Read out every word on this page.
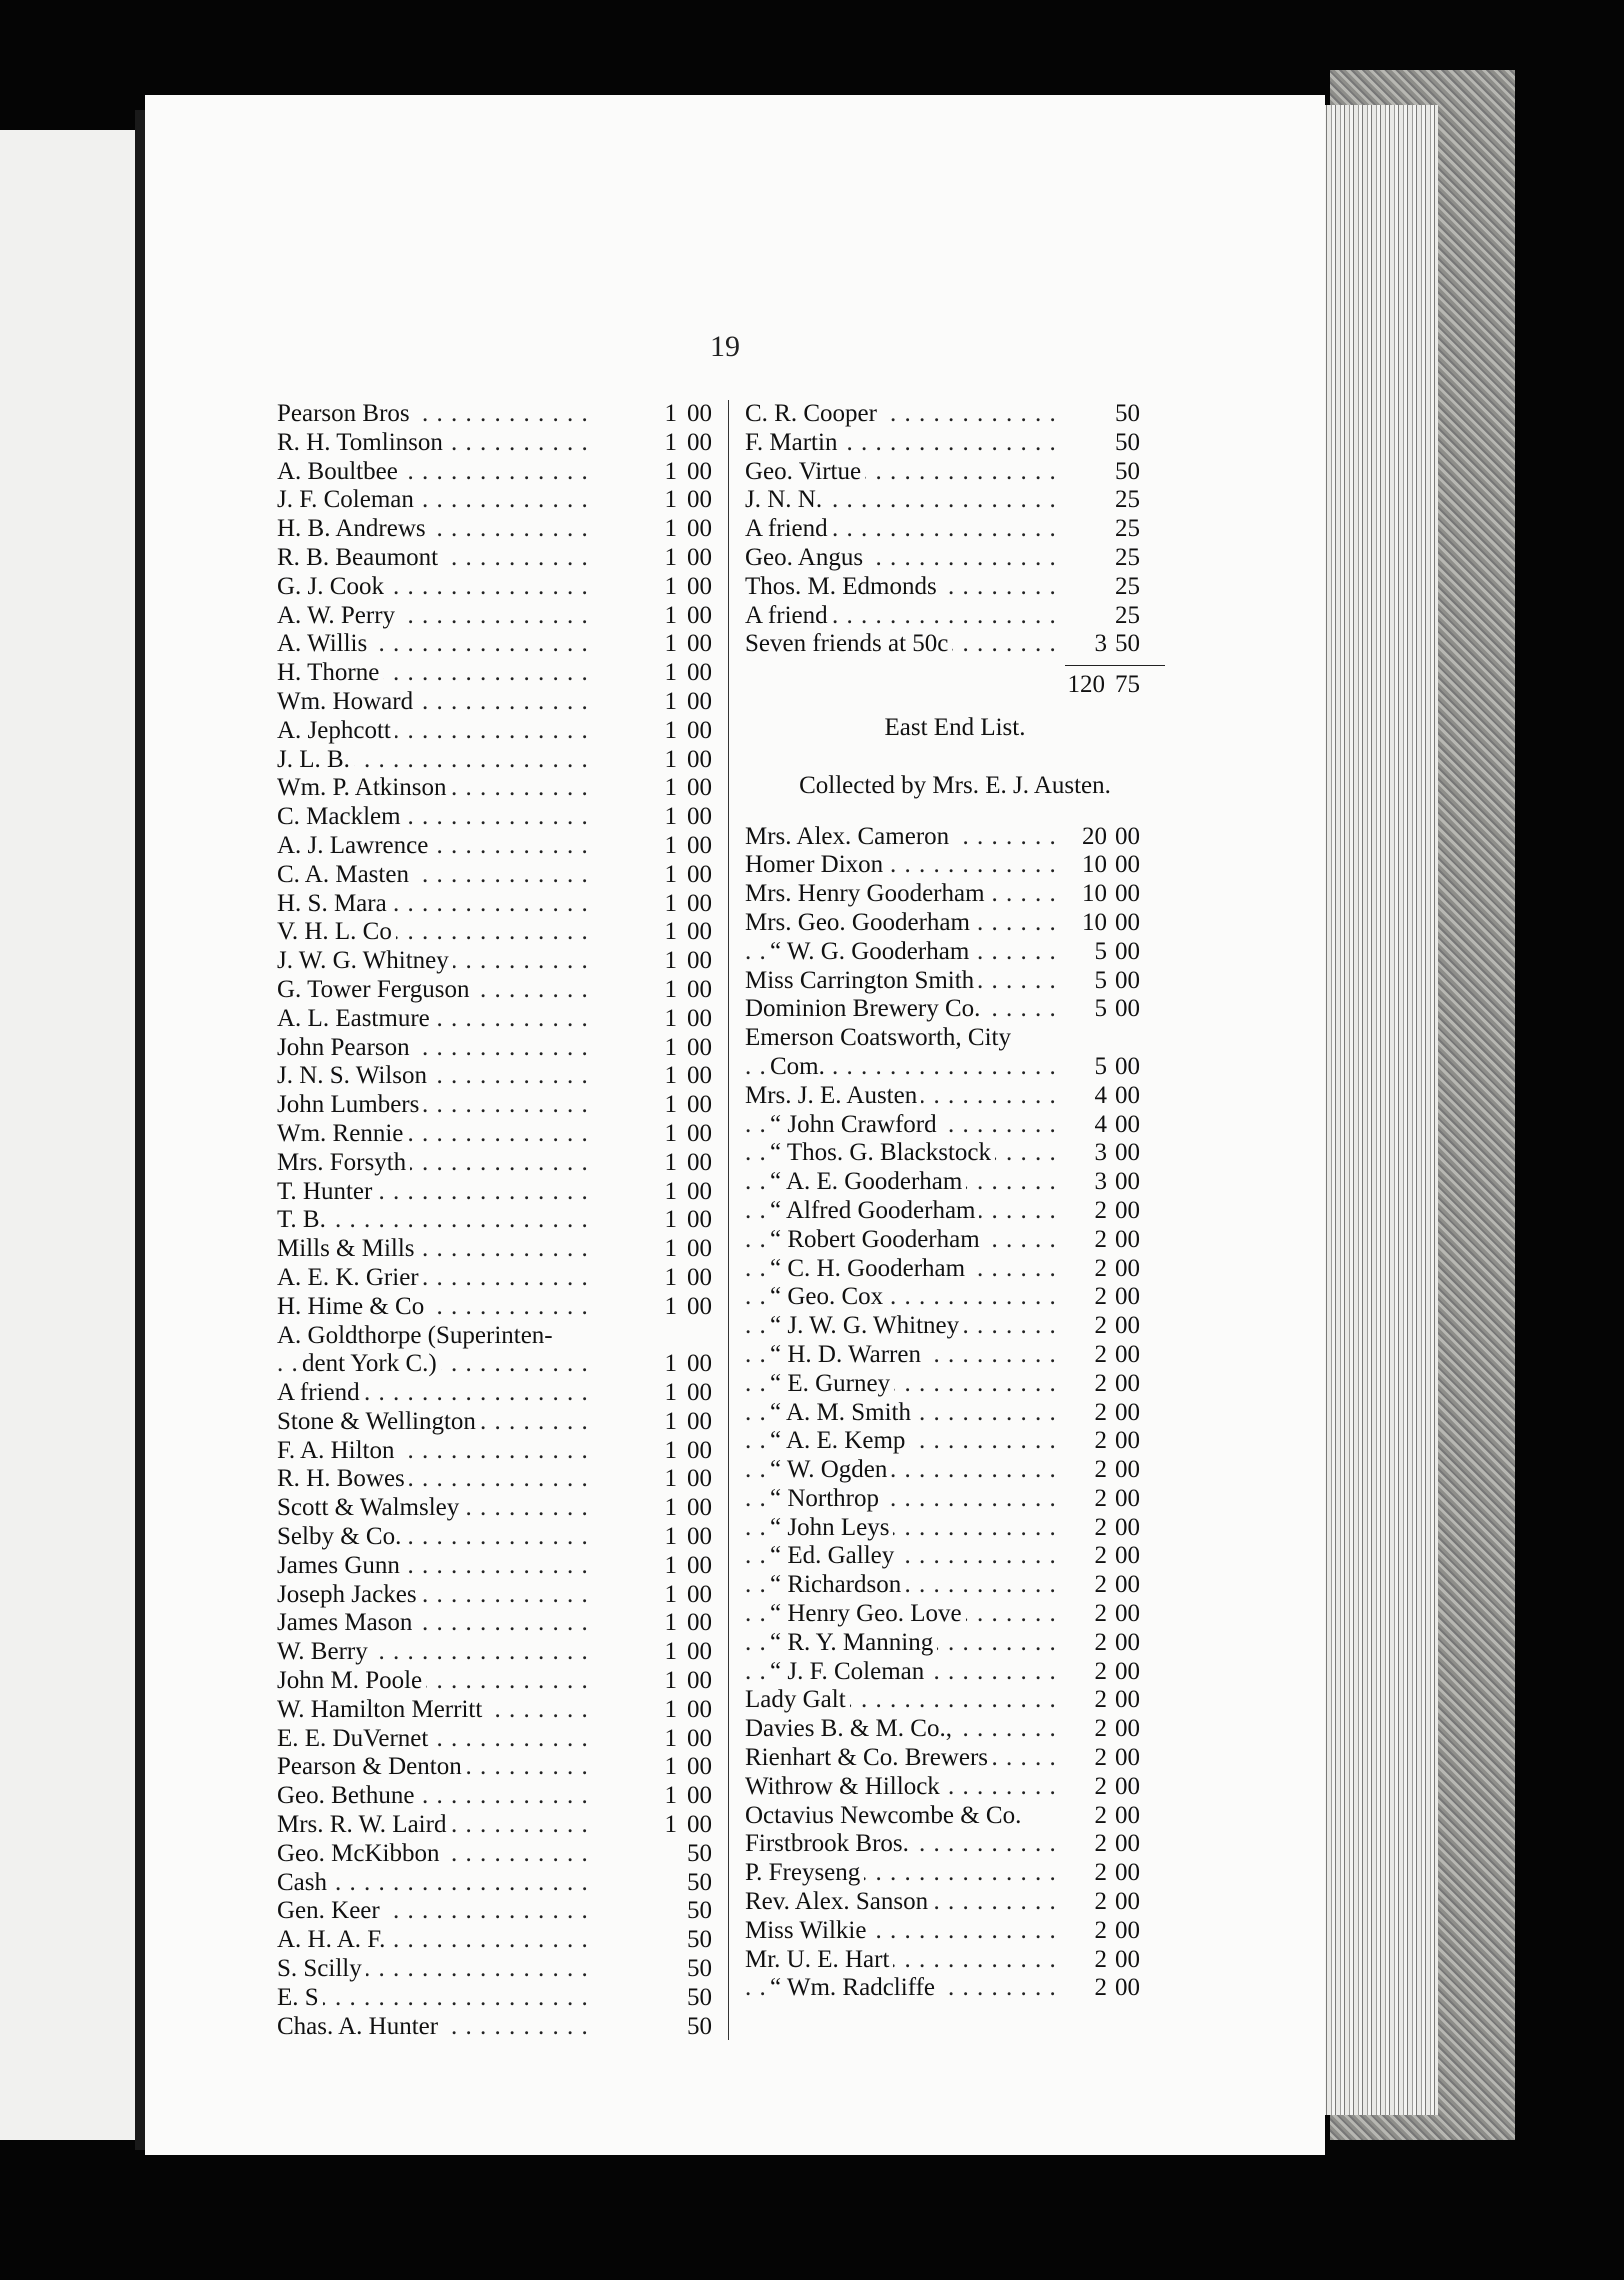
19
Pearson Bros . . .	1 00
R. H. Tomlinson . . .	1 00
A. Boultbee . . .	1 00
J. F. Coleman . . .	1 00
H. B. Andrews . . .	1 00
R. B. Beaumont . . .	1 00
G. J. Cook . . .	1 00
A. W. Perry . . .	1 00
A. Willis . . .	1 00
H. Thorne . . .	1 00
Wm. Howard . . .	1 00
A. Jephcott . . .	1 00
J. L. B. . . .	1 00
Wm. P. Atkinson . . .	1 00
C. Macklem . . .	1 00
A. J. Lawrence . . .	1 00
C. A. Masten . . .	1 00
H. S. Mara . . .	1 00
V. H. L. Co . . .	1 00
J. W. G. Whitney . . .	1 00
G. Tower Ferguson . . .	1 00
A. L. Eastmure . . .	1 00
John Pearson . . .	1 00
J. N. S. Wilson . . .	1 00
John Lumbers . . .	1 00
Wm. Rennie . . .	1 00
Mrs. Forsyth . . .	1 00
T. Hunter . . .	1 00
T. B. . . .	1 00
Mills & Mills . . .	1 00
A. E. K. Grier . . .	1 00
H. Hime & Co . . .	1 00
A. Goldthorpe (Superinten-
dent York C.) . . .	1 00
A friend . . .	1 00
Stone & Wellington . . .	1 00
F. A. Hilton . . .	1 00
R. H. Bowes . . .	1 00
Scott & Walmsley . . .	1 00
Selby & Co. . . .	1 00
James Gunn . . .	1 00
Joseph Jackes . . .	1 00
James Mason . . .	1 00
W. Berry . . .	1 00
John M. Poole . . .	1 00
W. Hamilton Merritt . . .	1 00
E. E. DuVernet . . .	1 00
Pearson & Denton . . .	1 00
Geo. Bethune . . .	1 00
Mrs. R. W. Laird . . .	1 00
Geo. McKibbon . . .	50
Cash . . .	50
Gen. Keer . . .	50
A. H. A. F. . . .	50
S. Scilly . . .	50
E. S . . .	50
Chas. A. Hunter . . .	50
C. R. Cooper . . .	50
F. Martin . . .	50
Geo. Virtue . . .	50
J. N. N. . . .	25
A friend . . .	25
Geo. Angus . . .	25
Thos. M. Edmonds . . .	25
A friend . . .	25
Seven friends at 50c . . .	3 50
120 75
East End List.
Collected by Mrs. E. J. Austen.
Mrs. Alex. Cameron . . .	20 00
Homer Dixon . . .	10 00
Mrs. Henry Gooderham . . .	10 00
Mrs. Geo. Gooderham . . .	10 00
“ W. G. Gooderham . . .	5 00
Miss Carrington Smith . . .	5 00
Dominion Brewery Co. . . .	5 00
Emerson Coatsworth, City
Com. . . .	5 00
Mrs. J. E. Austen . . .	4 00
“ John Crawford . . .	4 00
“ Thos. G. Blackstock . . .	3 00
“ A. E. Gooderham . . .	3 00
“ Alfred Gooderham . . .	2 00
“ Robert Gooderham . . .	2 00
“ C. H. Gooderham . . .	2 00
“ Geo. Cox . . .	2 00
“ J. W. G. Whitney . . .	2 00
“ H. D. Warren . . .	2 00
“ E. Gurney . . .	2 00
“ A. M. Smith . . .	2 00
“ A. E. Kemp . . .	2 00
“ W. Ogden . . .	2 00
“ Northrop . . .	2 00
“ John Leys . . .	2 00
“ Ed. Galley . . .	2 00
“ Richardson . . .	2 00
“ Henry Geo. Love . . .	2 00
“ R. Y. Manning . . .	2 00
“ J. F. Coleman . . .	2 00
Lady Galt . . .	2 00
Davies B. & M. Co., . . .	2 00
Rienhart & Co. Brewers . . .	2 00
Withrow & Hillock . . .	2 00
Octavius Newcombe & Co.	2 00
Firstbrook Bros. . . .	2 00
P. Freyseng . . .	2 00
Rev. Alex. Sanson . . .	2 00
Miss Wilkie . . .	2 00
Mr. U. E. Hart . . .	2 00
“ Wm. Radcliffe . . .	2 00
